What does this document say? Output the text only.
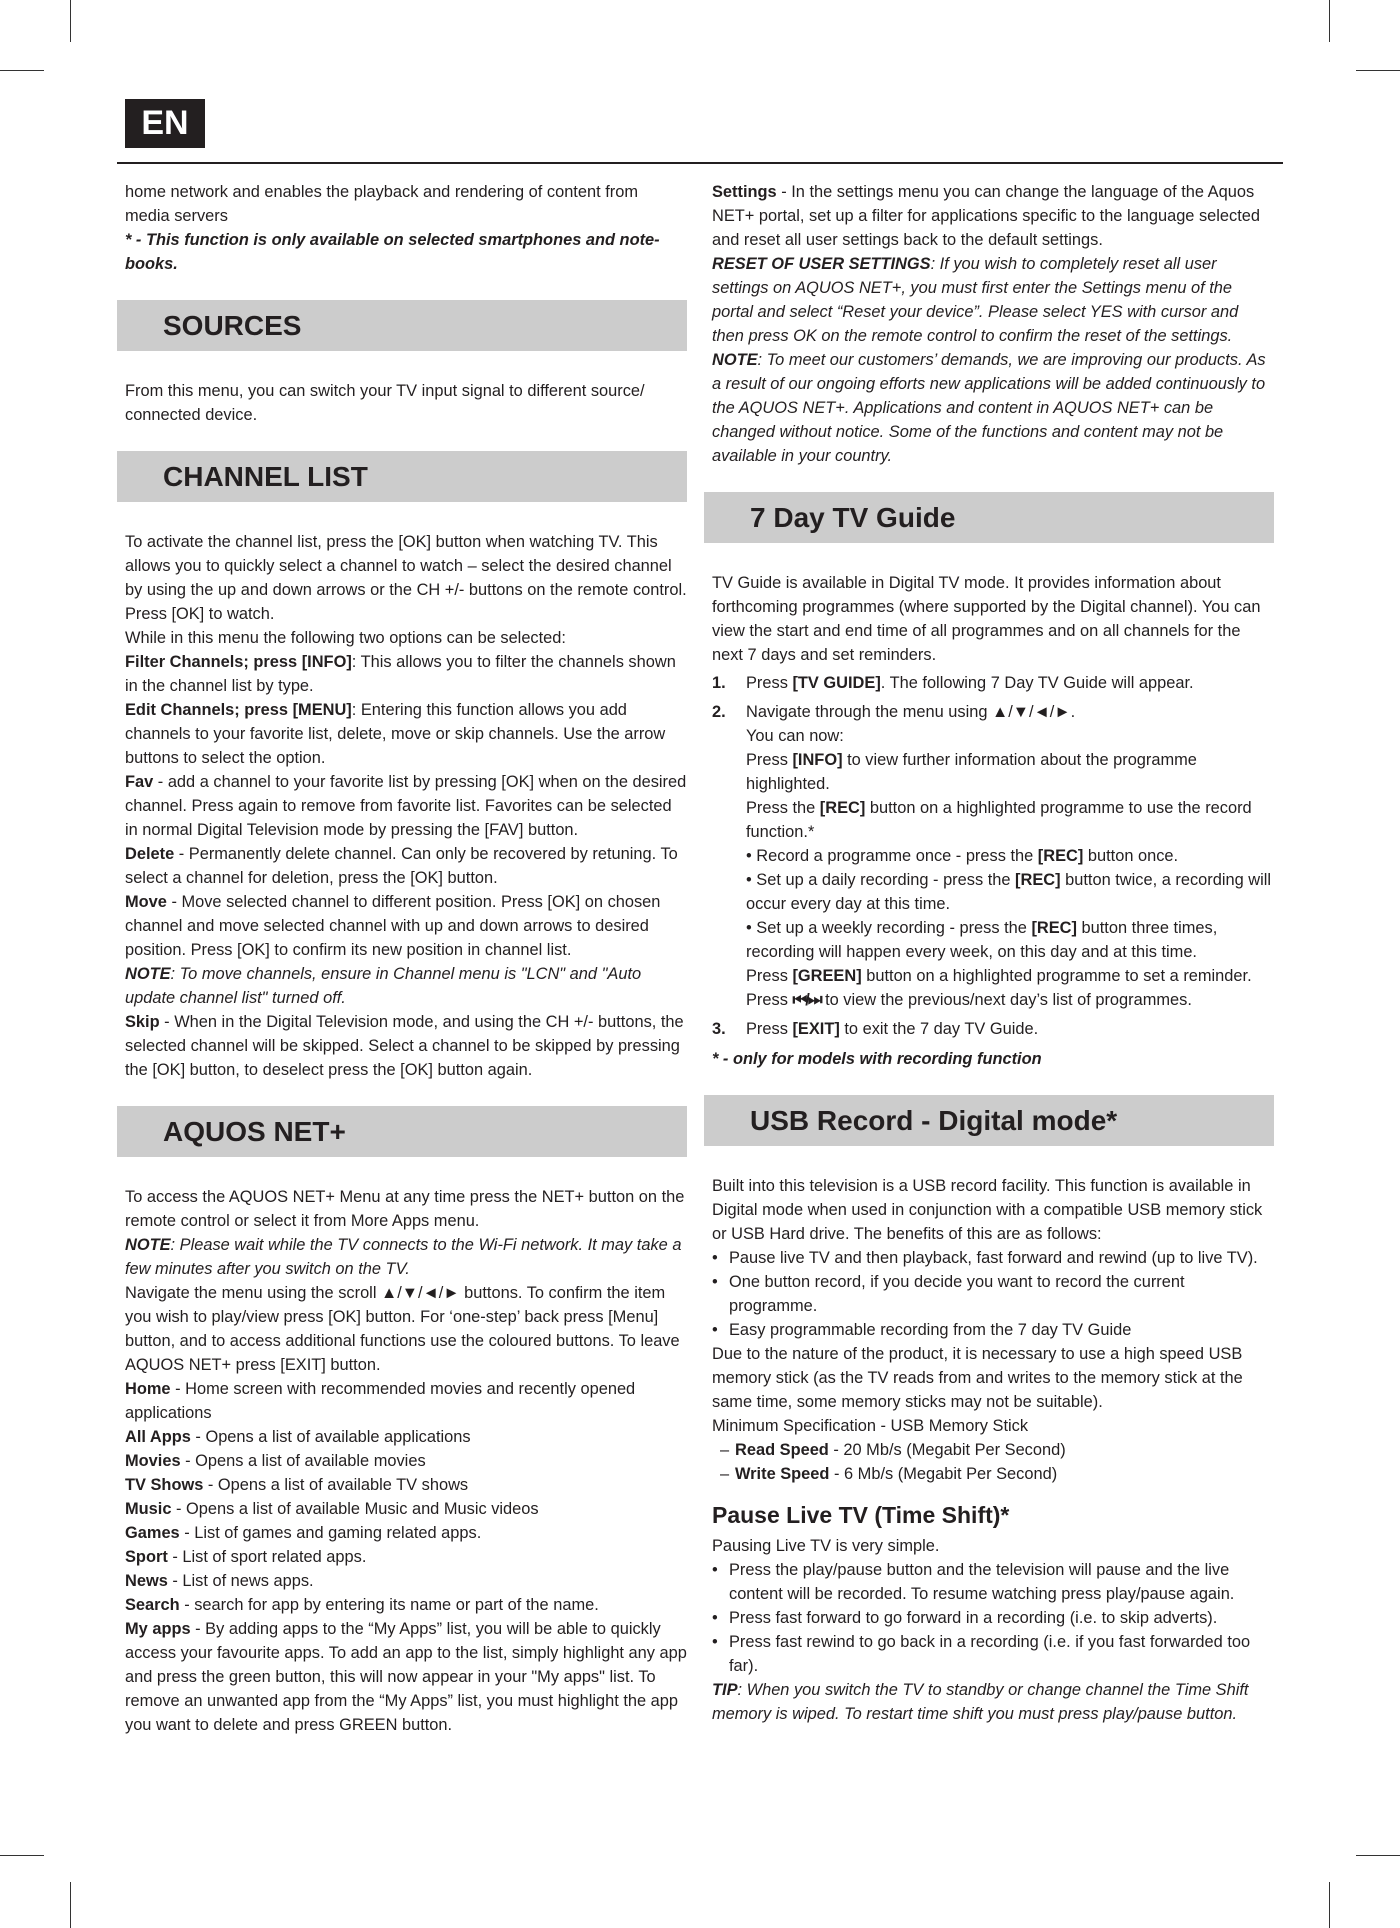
EN

home network and enables the playback and rendering of content from media servers

* - This function is only available on selected smartphones and note-books.

SOURCES

From this menu, you can switch your TV input signal to different source/ connected device.

CHANNEL LIST

To activate the channel list, press the [OK] button when watching TV. This allows you to quickly select a channel to watch – select the desired channel by using the up and down arrows or the CH +/- buttons on the remote control. Press [OK] to watch.

While in this menu the following two options can be selected:

Filter Channels; press [INFO]: This allows you to filter the channels shown in the channel list by type.

Edit Channels; press [MENU]: Entering this function allows you add channels to your favorite list, delete, move or skip channels. Use the arrow buttons to select the option.

Fav - add a channel to your favorite list by pressing [OK] when on the desired channel. Press again to remove from favorite list. Favorites can be selected in normal Digital Television mode by pressing the [FAV] button.

Delete - Permanently delete channel. Can only be recovered by retuning. To select a channel for deletion, press the [OK] button.

Move - Move selected channel to different position. Press [OK] on chosen channel and move selected channel with up and down arrows to desired position. Press [OK] to confirm its new position in channel list.

NOTE: To move channels, ensure in Channel menu is "LCN" and "Auto update channel list" turned off.

Skip - When in the Digital Television mode, and using the CH +/- buttons, the selected channel will be skipped. Select a channel to be skipped by pressing the [OK] button, to deselect press the [OK] button again.

AQUOS NET+

To access the AQUOS NET+ Menu at any time press the NET+ button on the remote control or select it from More Apps menu.

NOTE: Please wait while the TV connects to the Wi-Fi network. It may take a few minutes after you switch on the TV.

Navigate the menu using the scroll ▲/▼/◄/► buttons. To confirm the item you wish to play/view press [OK] button. For ‘one-step’ back press [Menu] button, and to access additional functions use the coloured buttons. To leave AQUOS NET+ press [EXIT] button.

Home - Home screen with recommended movies and recently opened applications

All Apps - Opens a list of available applications

Movies - Opens a list of available movies

TV Shows - Opens a list of available TV shows

Music - Opens a list of available Music and Music videos

Games - List of games and gaming related apps.

Sport - List of sport related apps.

News - List of news apps.

Search - search for app by entering its name or part of the name.

My apps - By adding apps to the “My Apps” list, you will be able to quickly access your favourite apps. To add an app to the list, simply highlight any app and press the green button, this will now appear in your "My apps" list. To remove an unwanted app from the “My Apps” list, you must highlight the app you want to delete and press GREEN button.

Settings - In the settings menu you can change the language of the Aquos NET+ portal, set up a filter for applications specific to the language selected and reset all user settings back to the default settings.

RESET OF USER SETTINGS: If you wish to completely reset all user settings on AQUOS NET+, you must first enter the Settings menu of the portal and select “Reset your device”. Please select YES with cursor and then press OK on the remote control to confirm the reset of the settings.

NOTE: To meet our customers’ demands, we are improving our products. As a result of our ongoing efforts new applications will be added continuously to the AQUOS NET+. Applications and content in AQUOS NET+ can be changed without notice. Some of the functions and content may not be available in your country.

7 Day TV Guide

TV Guide is available in Digital TV mode. It provides information about forthcoming programmes (where supported by the Digital channel). You can view the start and end time of all programmes and on all channels for the next 7 days and set reminders.

1.	Press [TV GUIDE]. The following 7 Day TV Guide will appear.
2.	Navigate through the menu using ▲/▼/◄/►.
You can now:
Press [INFO] to view further information about the programme highlighted.
Press the [REC] button on a highlighted programme to use the record function.*
• Record a programme once - press the [REC] button once.
• Set up a daily recording - press the [REC] button twice, a recording will occur every day at this time.
• Set up a weekly recording - press the [REC] button three times, recording will happen every week, on this day and at this time.
Press [GREEN] button on a highlighted programme to set a reminder.
Press ⏮/⏭ to view the previous/next day’s list of programmes.
3.	Press [EXIT] to exit the 7 day TV Guide.

* - only for models with recording function

USB Record - Digital mode*

Built into this television is a USB record facility. This function is available in Digital mode when used in conjunction with a compatible USB memory stick or USB Hard drive. The benefits of this are as follows:

• Pause live TV and then playback, fast forward and rewind (up to live TV).
• One button record, if you decide you want to record the current programme.
• Easy programmable recording from the 7 day TV Guide

Due to the nature of the product, it is necessary to use a high speed USB memory stick (as the TV reads from and writes to the memory stick at the same time, some memory sticks may not be suitable).

Minimum Specification - USB Memory Stick

– Read Speed - 20 Mb/s (Megabit Per Second)
– Write Speed - 6 Mb/s (Megabit Per Second)
Pause Live TV (Time Shift)*

Pausing Live TV is very simple.

• Press the play/pause button and the television will pause and the live content will be recorded. To resume watching press play/pause again.
• Press fast forward to go forward in a recording (i.e. to skip adverts).
• Press fast rewind to go back in a recording (i.e. if you fast forwarded too far).

TIP: When you switch the TV to standby or change channel the Time Shift memory is wiped. To restart time shift you must press play/pause button.
